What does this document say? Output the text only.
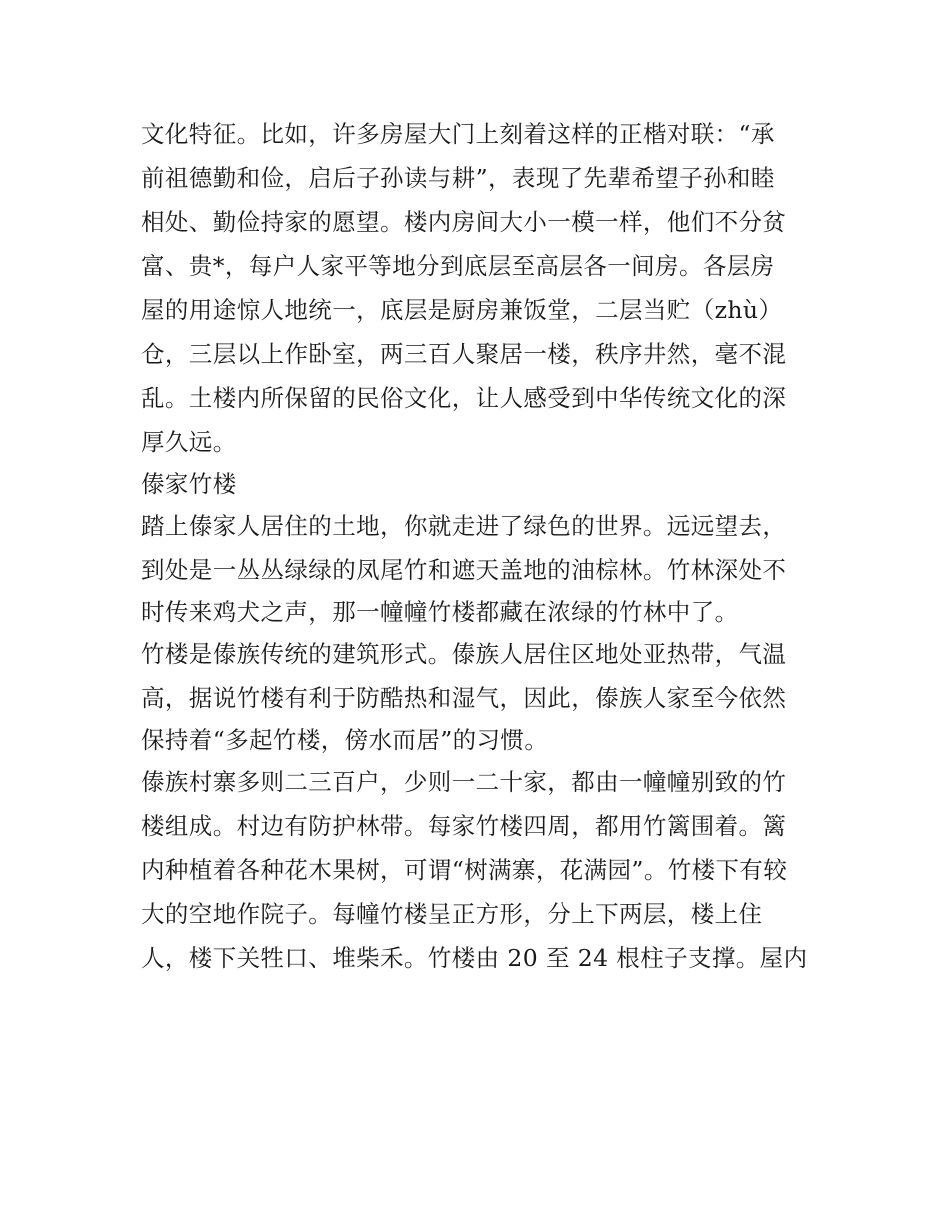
文化特征。比如，许多房屋大门上刻着这样的正楷对联：“承

前祖德勤和俭，启后子孙读与耕”，表现了先辈希望子孙和睦

相处、勤俭持家的愿望。楼内房间大小一模一样，他们不分贫

富、贵*，每户人家平等地分到底层至高层各一间房。各层房

屋的用途惊人地统一，底层是厨房兼饭堂，二层当贮（zhù）

仓，三层以上作卧室，两三百人聚居一楼，秩序井然，毫不混

乱。土楼内所保留的民俗文化，让人感受到中华传统文化的深

厚久远。

傣家竹楼

踏上傣家人居住的土地，你就走进了绿色的世界。远远望去，

到处是一丛丛绿绿的凤尾竹和遮天盖地的油棕林。竹林深处不

时传来鸡犬之声，那一幢幢竹楼都藏在浓绿的竹林中了。

竹楼是傣族传统的建筑形式。傣族人居住区地处亚热带，气温

高，据说竹楼有利于防酷热和湿气，因此，傣族人家至今依然

保持着“多起竹楼，傍水而居”的习惯。

傣族村寨多则二三百户，少则一二十家，都由一幢幢别致的竹

楼组成。村边有防护林带。每家竹楼四周，都用竹篱围着。篱

内种植着各种花木果树，可谓“树满寨，花满园”。竹楼下有较

大的空地作院子。每幢竹楼呈正方形，分上下两层，楼上住

人，楼下关牲口、堆柴禾。竹楼由 20 至 24 根柱子支撑。屋内
